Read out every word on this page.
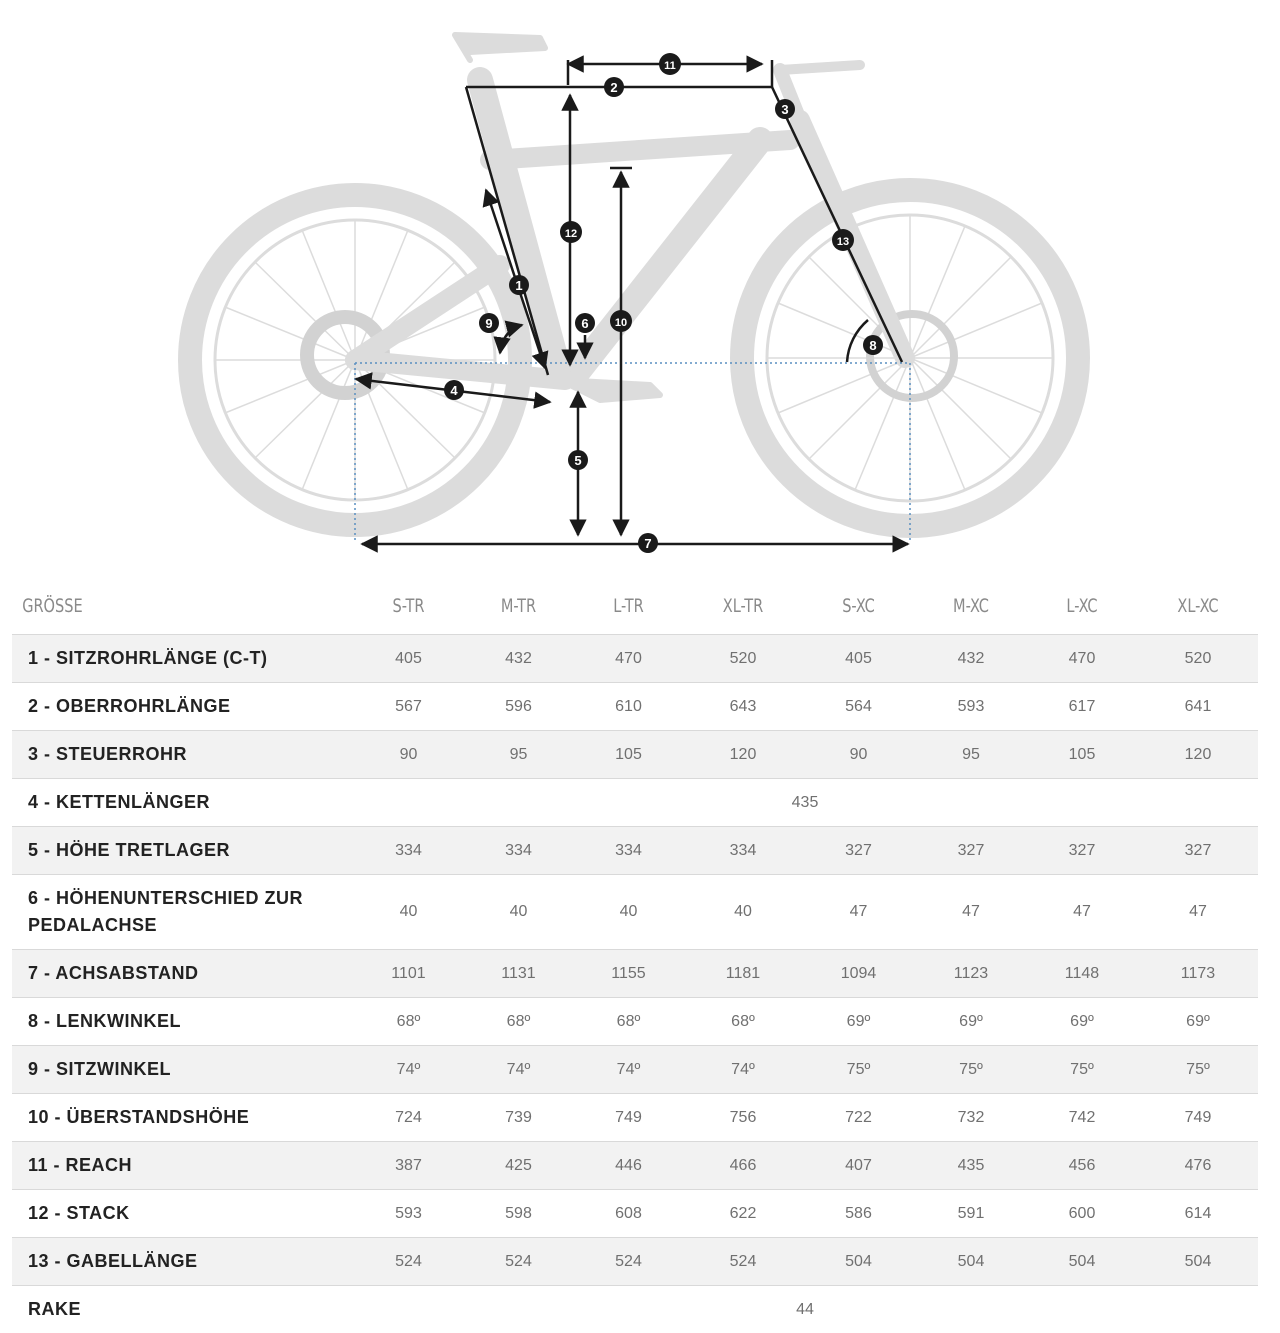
1
2
3
4
5
6
7
8
9	10
11
12
13
GRÖSSE	S-TR	M-TR	L-TR	XL-TR	S-XC	M-XC	L-XC	XL-XC
1 - SITZROHRLÄNGE (C-T)	405	432	470	520	405	432	470	520
2 - OBERROHRLÄNGE	567	596	610	643	564	593	617	641
3 - STEUERROHR	90	95	105	120	90	95	105	120
4 - KETTENLÄNGER	435							
5 - HÖHE TRETLAGER	334	334	334	334	327	327	327	327
6 - HÖHENUNTERSCHIED ZUR PEDALACHSE	40	40	40	40	47	47	47	47
7 - ACHSABSTAND	1101	1131	1155	1181	1094	1123	1148	1173
8 - LENKWINKEL	68º	68º	68º	68º	69º	69º	69º	69º
9 - SITZWINKEL	74º	74º	74º	74º	75º	75º	75º	75º
10 - ÜBERSTANDSHÖHE	724	739	749	756	722	732	742	749
11 - REACH	387	425	446	466	407	435	456	476
12 - STACK	593	598	608	622	586	591	600	614
13 - GABELLÄNGE	524	524	524	524	504	504	504	504
RAKE	44							
